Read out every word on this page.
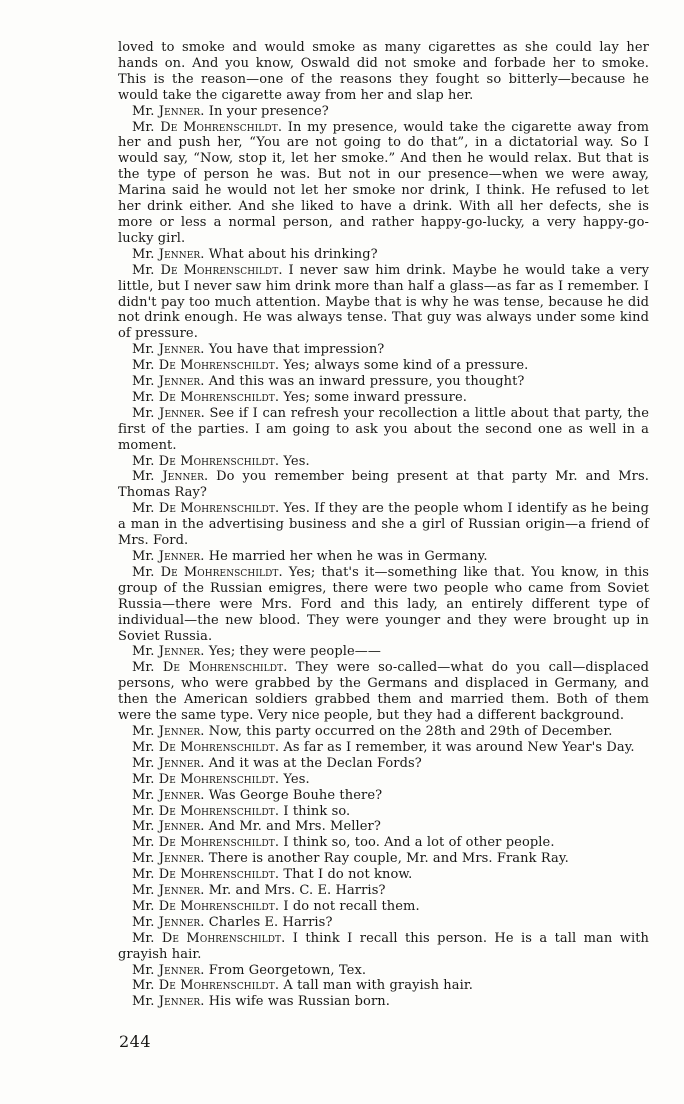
loved to smoke and would smoke as many cigarettes as she could lay her hands on. And you know, Oswald did not smoke and forbade her to smoke. This is the reason—one of the reasons they fought so bitterly—because he would take the cigarette away from her and slap her.

Mr. Jenner. In your presence?

Mr. De Mohrenschildt. In my presence, would take the cigarette away from her and push her, “You are not going to do that”, in a dictatorial way. So I would say, “Now, stop it, let her smoke.” And then he would relax. But that is the type of person he was. But not in our presence—when we were away, Marina said he would not let her smoke nor drink, I think. He refused to let her drink either. And she liked to have a drink. With all her defects, she is more or less a normal person, and rather happy-go-lucky, a very happy-go-lucky girl.

Mr. Jenner. What about his drinking?

Mr. De Mohrenschildt. I never saw him drink. Maybe he would take a very little, but I never saw him drink more than half a glass—as far as I remember. I didn't pay too much attention. Maybe that is why he was tense, because he did not drink enough. He was always tense. That guy was always under some kind of pressure.

Mr. Jenner. You have that impression?

Mr. De Mohrenschildt. Yes; always some kind of a pressure.

Mr. Jenner. And this was an inward pressure, you thought?

Mr. De Mohrenschildt. Yes; some inward pressure.

Mr. Jenner. See if I can refresh your recollection a little about that party, the first of the parties. I am going to ask you about the second one as well in a moment.

Mr. De Mohrenschildt. Yes.

Mr. Jenner. Do you remember being present at that party Mr. and Mrs. Thomas Ray?

Mr. De Mohrenschildt. Yes. If they are the people whom I identify as he being a man in the advertising business and she a girl of Russian origin—a friend of Mrs. Ford.

Mr. Jenner. He married her when he was in Germany.

Mr. De Mohrenschildt. Yes; that's it—something like that. You know, in this group of the Russian emigres, there were two people who came from Soviet Russia—there were Mrs. Ford and this lady, an entirely different type of individual—the new blood. They were younger and they were brought up in Soviet Russia.

Mr. Jenner. Yes; they were people——

Mr. De Mohrenschildt. They were so-called—what do you call—displaced persons, who were grabbed by the Germans and displaced in Germany, and then the American soldiers grabbed them and married them. Both of them were the same type. Very nice people, but they had a different background.

Mr. Jenner. Now, this party occurred on the 28th and 29th of December.

Mr. De Mohrenschildt. As far as I remember, it was around New Year's Day.

Mr. Jenner. And it was at the Declan Fords?

Mr. De Mohrenschildt. Yes.

Mr. Jenner. Was George Bouhe there?

Mr. De Mohrenschildt. I think so.

Mr. Jenner. And Mr. and Mrs. Meller?

Mr. De Mohrenschildt. I think so, too. And a lot of other people.

Mr. Jenner. There is another Ray couple, Mr. and Mrs. Frank Ray.

Mr. De Mohrenschildt. That I do not know.

Mr. Jenner. Mr. and Mrs. C. E. Harris?

Mr. De Mohrenschildt. I do not recall them.

Mr. Jenner. Charles E. Harris?

Mr. De Mohrenschildt. I think I recall this person. He is a tall man with grayish hair.

Mr. Jenner. From Georgetown, Tex.

Mr. De Mohrenschildt. A tall man with grayish hair.

Mr. Jenner. His wife was Russian born.

244
